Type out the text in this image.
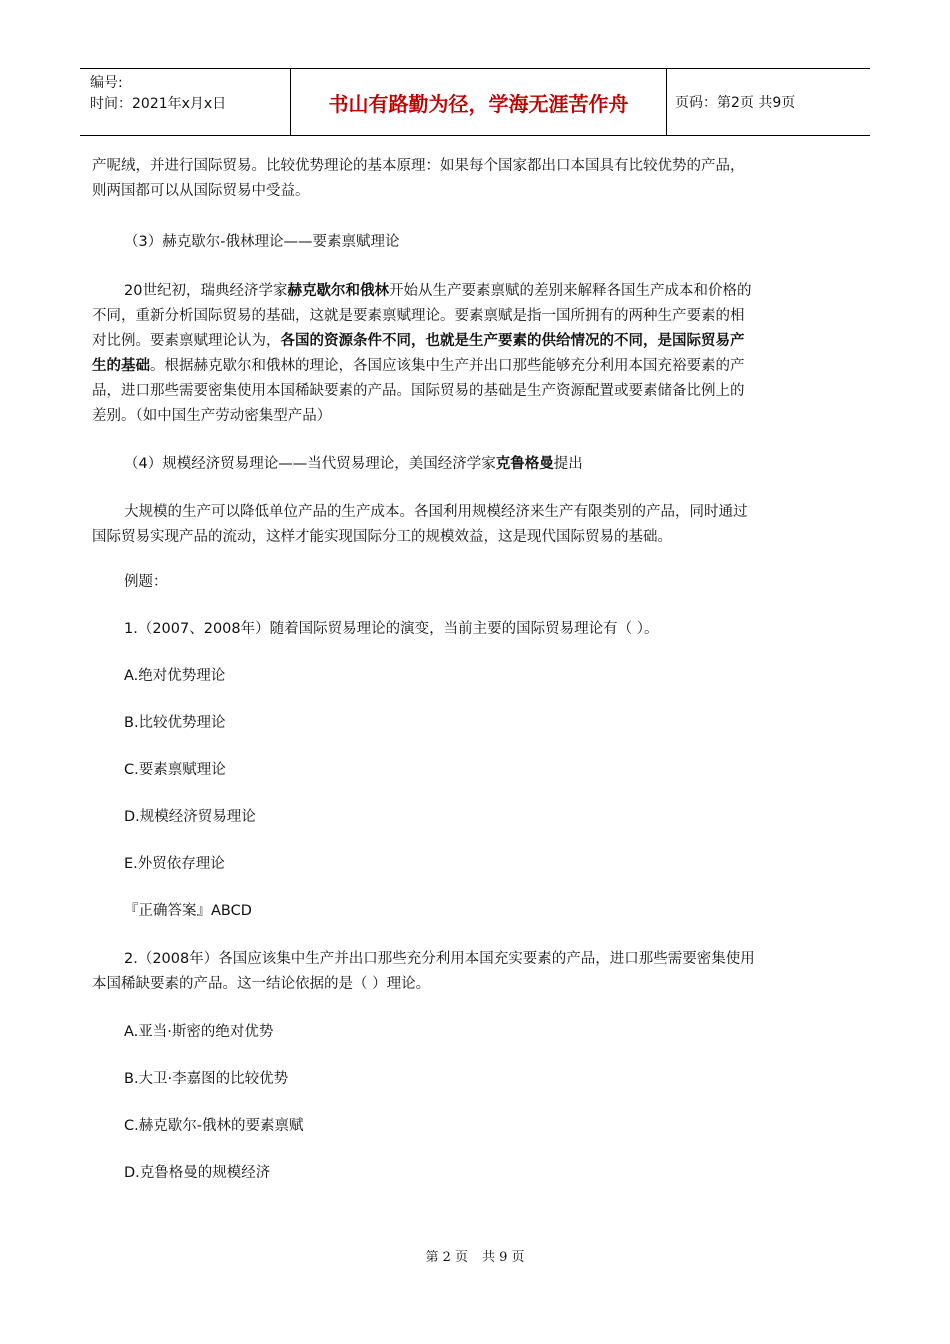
编号:
时间：2021年x月x日	书山有路勤为径，学海无涯苦作舟	页码：第2页 共9页
产呢绒，并进行国际贸易。比较优势理论的基本原理：如果每个国家都出口本国具有比较优势的产品，
则两国都可以从国际贸易中受益。
（3）赫克歇尔-俄林理论——要素禀赋理论
20世纪初，瑞典经济学家赫克歇尔和俄林开始从生产要素禀赋的差别来解释各国生产成本和价格的
不同，重新分析国际贸易的基础，这就是要素禀赋理论。要素禀赋是指一国所拥有的两种生产要素的相
对比例。要素禀赋理论认为，各国的资源条件不同，也就是生产要素的供给情况的不同，是国际贸易产
生的基础。根据赫克歇尔和俄林的理论，各国应该集中生产并出口那些能够充分利用本国充裕要素的产
品，进口那些需要密集使用本国稀缺要素的产品。国际贸易的基础是生产资源配置或要素储备比例上的
差别。（如中国生产劳动密集型产品）
（4）规模经济贸易理论——当代贸易理论，美国经济学家克鲁格曼提出
大规模的生产可以降低单位产品的生产成本。各国利用规模经济来生产有限类别的产品，同时通过
国际贸易实现产品的流动，这样才能实现国际分工的规模效益，这是现代国际贸易的基础。
例题：
1.（2007、2008年）随着国际贸易理论的演变，当前主要的国际贸易理论有（ ）。
A.绝对优势理论
B.比较优势理论
C.要素禀赋理论
D.规模经济贸易理论
E.外贸依存理论
『正确答案』ABCD
2.（2008年）各国应该集中生产并出口那些充分利用本国充实要素的产品，进口那些需要密集使用
本国稀缺要素的产品。这一结论依据的是（ ）理论。
A.亚当·斯密的绝对优势
B.大卫·李嘉图的比较优势
C.赫克歇尔-俄林的要素禀赋
D.克鲁格曼的规模经济
第 2 页 共 9 页
